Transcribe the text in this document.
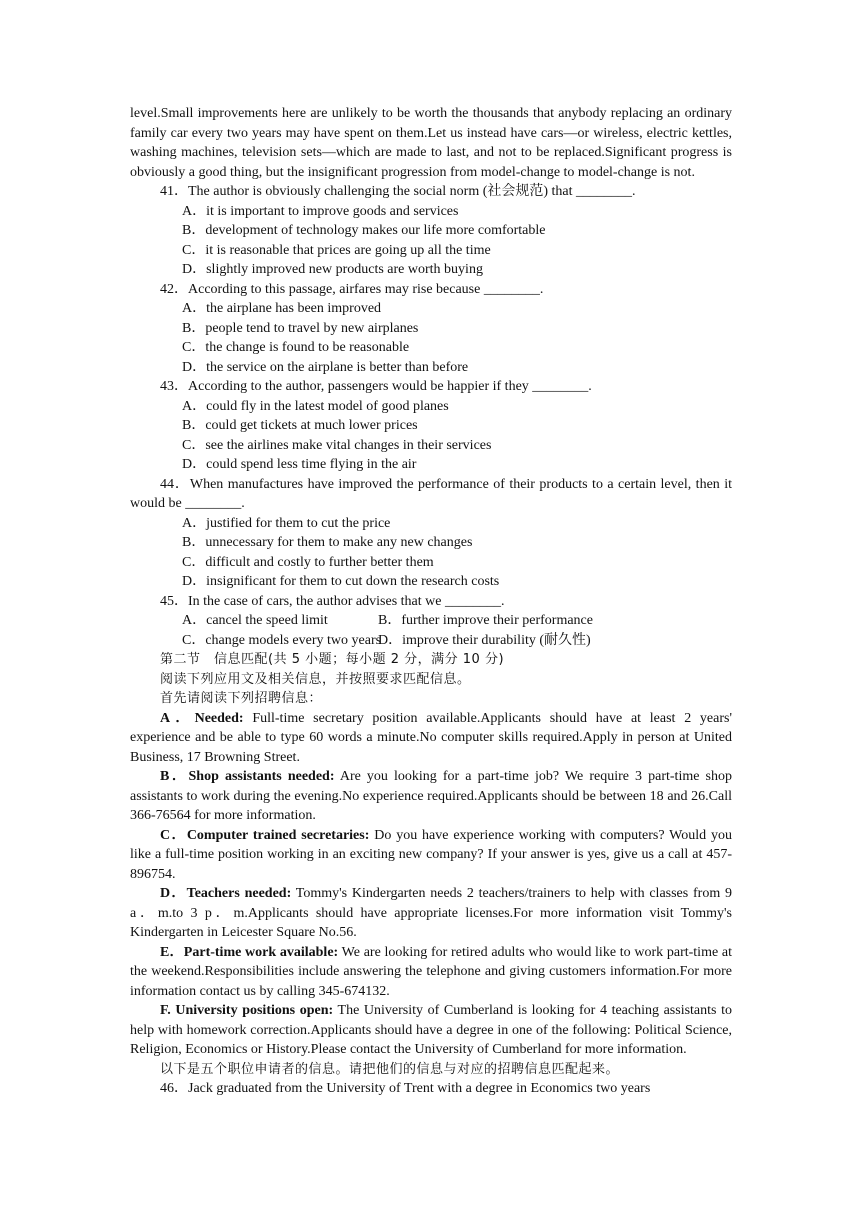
level.Small improvements here are unlikely to be worth the thousands that anybody replacing an ordinary family car every two years may have spent on them.Let us instead have cars—or wireless, electric kettles, washing machines, television sets—which are made to last, and not to be replaced.Significant progress is obviously a good thing, but the insignificant progression from model-change to model-change is not.

41．The author is obviously challenging the social norm (社会规范) that ________.

A．it is important to improve goods and services

B．development of technology makes our life more comfortable

C．it is reasonable that prices are going up all the time

D．slightly improved new products are worth buying

42．According to this passage, airfares may rise because ________.

A．the airplane has been improved

B．people tend to travel by new airplanes

C．the change is found to be reasonable

D．the service on the airplane is better than before

43．According to the author, passengers would be happier if they ________.

A．could fly in the latest model of good planes

B．could get tickets at much lower prices

C．see the airlines make vital changes in their services

D．could spend less time flying in the air

44．When manufactures have improved the performance of their products to a certain level, then it would be ________.

A．justified for them to cut the price

B．unnecessary for them to make any new changes

C．difficult and costly to further better them

D．insignificant for them to cut down the research costs

45．In the case of cars, the author advises that we ________.

A．cancel the speed limit	B．further improve their performance
C．change models every two years
D．improve their durability (耐久性)

第二节　信息匹配(共 5 小题；每小题 2 分，满分 10 分)

阅读下列应用文及相关信息，并按照要求匹配信息。

首先请阅读下列招聘信息：

A．Needed: Full-time secretary position available.Applicants should have at least 2 years' experience and be able to type 60 words a minute.No computer skills required.Apply in person at United Business, 17 Browning Street.

B．Shop assistants needed: Are you looking for a part-time job? We require 3 part-time shop assistants to work during the evening.No experience required.Applicants should be between 18 and 26.Call 366-76564 for more information.

C．Computer trained secretaries: Do you have experience working with computers? Would you like a full-time position working in an exciting new company? If your answer is yes, give us a call at 457-896754.

D．Teachers needed: Tommy's Kindergarten needs 2 teachers/trainers to help with classes from 9 a．m.to 3 p．m.Applicants should have appropriate licenses.For more information visit Tommy's Kindergarten in Leicester Square No.56.

E．Part-time work available: We are looking for retired adults who would like to work part-time at the weekend.Responsibilities include answering the telephone and giving customers information.For more information contact us by calling 345-674132.

F. University positions open: The University of Cumberland is looking for 4 teaching assistants to help with homework correction.Applicants should have a degree in one of the following: Political Science, Religion, Economics or History.Please contact the University of Cumberland for more information.

以下是五个职位申请者的信息。请把他们的信息与对应的招聘信息匹配起来。

46．Jack graduated from the University of Trent with a degree in Economics two years
